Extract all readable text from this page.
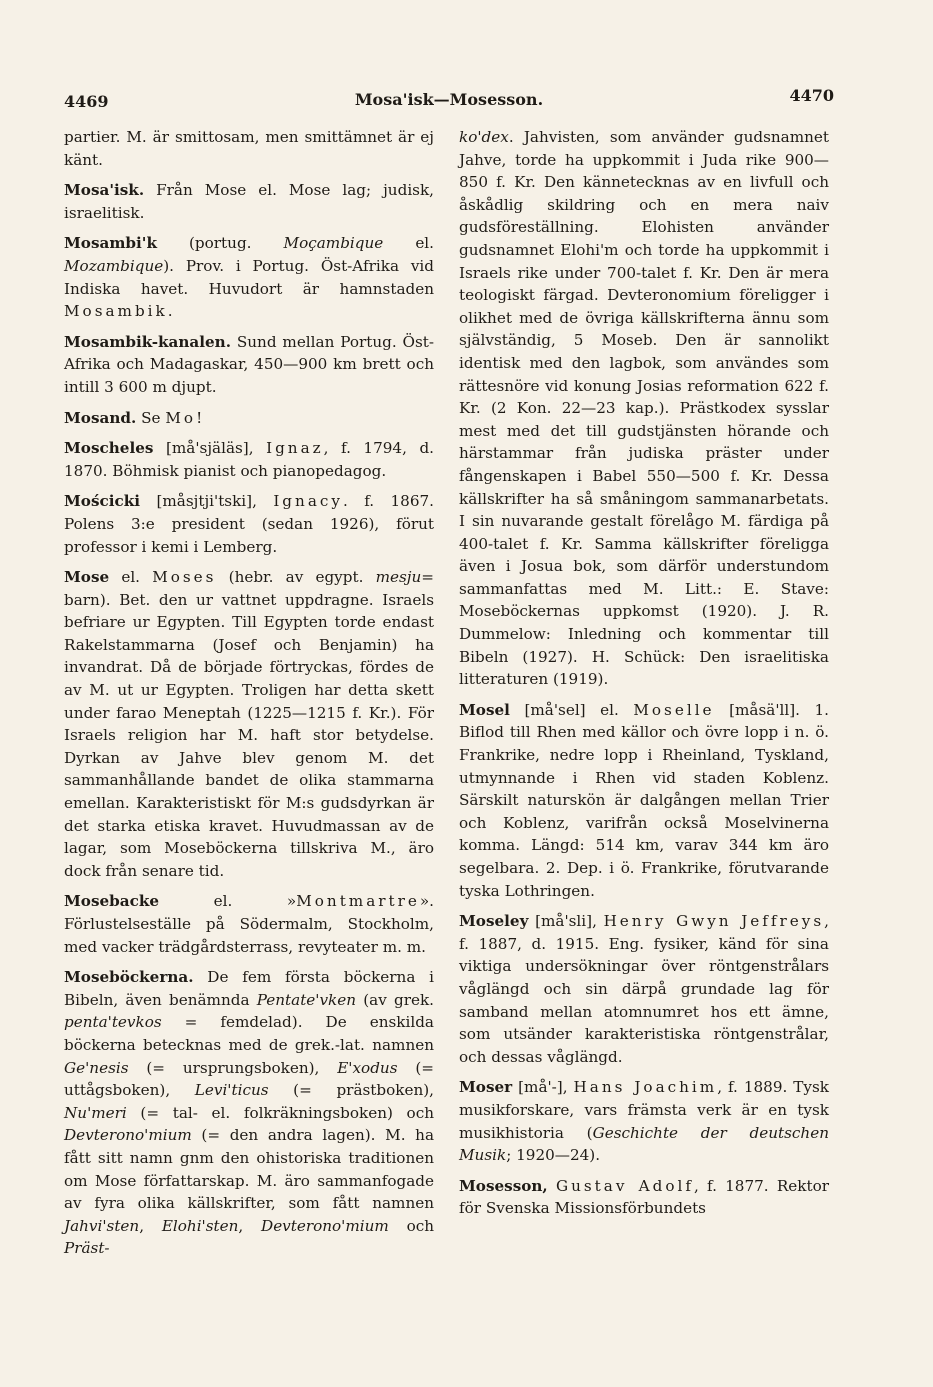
4469	Mosa'isk—Mosesson.	4470

partier. M. är smittosam, men smittämnet är ej känt.

Mosa'isk. Från Mose el. Mose lag; judisk, israelitisk.

Mosambi'k (portug. Moçambique el. Mozambique). Prov. i Portug. Öst-Afrika vid Indiska havet. Huvudort är hamnstaden Mosambik.

Mosambik-kanalen. Sund mellan Portug. Öst-Afrika och Madagaskar, 450—900 km brett och intill 3 600 m djupt.

Mosand. Se Mo!

Moscheles [må'själäs], Ignaz, f. 1794, d. 1870. Böhmisk pianist och pianopedagog.

Mościcki [måsjtji'tski], Ignacy. f. 1867. Polens 3:e president (sedan 1926), förut professor i kemi i Lemberg.

Mose el. Moses (hebr. av egypt. mesju= barn). Bet. den ur vattnet uppdragne. Israels befriare ur Egypten. Till Egypten torde endast Rakelstammarna (Josef och Benjamin) ha invandrat. Då de började förtryckas, fördes de av M. ut ur Egypten. Troligen har detta skett under farao Meneptah (1225—1215 f. Kr.). För Israels religion har M. haft stor betydelse. Dyrkan av Jahve blev genom M. det sammanhållande bandet de olika stammarna emellan. Karakteristiskt för M:s gudsdyrkan är det starka etiska kravet. Huvudmassan av de lagar, som Moseböckerna tillskriva M., äro dock från senare tid.

Mosebacke el. »Montmartre». Förlustelseställe på Södermalm, Stockholm, med vacker trädgårdsterrass, revyteater m. m.

Moseböckerna. De fem första böckerna i Bibeln, även benämnda Pentate'vken (av grek. penta'tevkos = femdelad). De enskilda böckerna betecknas med de grek.-lat. namnen Ge'nesis (= ursprungsboken), E'xodus (= uttågsboken), Levi'ticus (= prästboken), Nu'meri (= tal- el. folkräkningsboken) och Devterono'mium (= den andra lagen). M. ha fått sitt namn gnm den ohistoriska traditionen om Mose författarskap. M. äro sammanfogade av fyra olika källskrifter, som fått namnen Jahvi'sten, Elohi'sten, Devterono'mium och Präst-

ko'dex. Jahvisten, som använder gudsnamnet Jahve, torde ha uppkommit i Juda rike 900—850 f. Kr. Den kännetecknas av en livfull och åskådlig skildring och en mera naiv gudsföreställning. Elohisten använder gudsnamnet Elohi'm och torde ha uppkommit i Israels rike under 700-talet f. Kr. Den är mera teologiskt färgad. Devteronomium föreligger i olikhet med de övriga källskrifterna ännu som självständig, 5 Moseb. Den är sannolikt identisk med den lagbok, som användes som rättesnöre vid konung Josias reformation 622 f. Kr. (2 Kon. 22—23 kap.). Prästkodex sysslar mest med det till gudstjänsten hörande och härstammar från judiska präster under fångenskapen i Babel 550—500 f. Kr. Dessa källskrifter ha så småningom sammanarbetats. I sin nuvarande gestalt förelågo M. färdiga på 400-talet f. Kr. Samma källskrifter föreligga även i Josua bok, som därför understundom sammanfattas med M. Litt.: E. Stave: Moseböckernas uppkomst (1920). J. R. Dummelow: Inledning och kommentar till Bibeln (1927). H. Schück: Den israelitiska litteraturen (1919).

Mosel [må'sel] el. Moselle [måsä'll]. 1. Biflod till Rhen med källor och övre lopp i n. ö. Frankrike, nedre lopp i Rheinland, Tyskland, utmynnande i Rhen vid staden Koblenz. Särskilt naturskön är dalgången mellan Trier och Koblenz, varifrån också Moselvinerna komma. Längd: 514 km, varav 344 km äro segelbara. 2. Dep. i ö. Frankrike, förutvarande tyska Lothringen.

Moseley [må'sli], Henry Gwyn Jeffreys, f. 1887, d. 1915. Eng. fysiker, känd för sina viktiga undersökningar över röntgenstrålars våglängd och sin därpå grundade lag för samband mellan atomnumret hos ett ämne, som utsänder karakteristiska röntgenstrålar, och dessas våglängd.

Moser [må'-], Hans Joachim, f. 1889. Tysk musikforskare, vars främsta verk är en tysk musikhistoria (Geschichte der deutschen Musik; 1920—24).

Mosesson, Gustav Adolf, f. 1877. Rektor för Svenska Missionsförbundets
